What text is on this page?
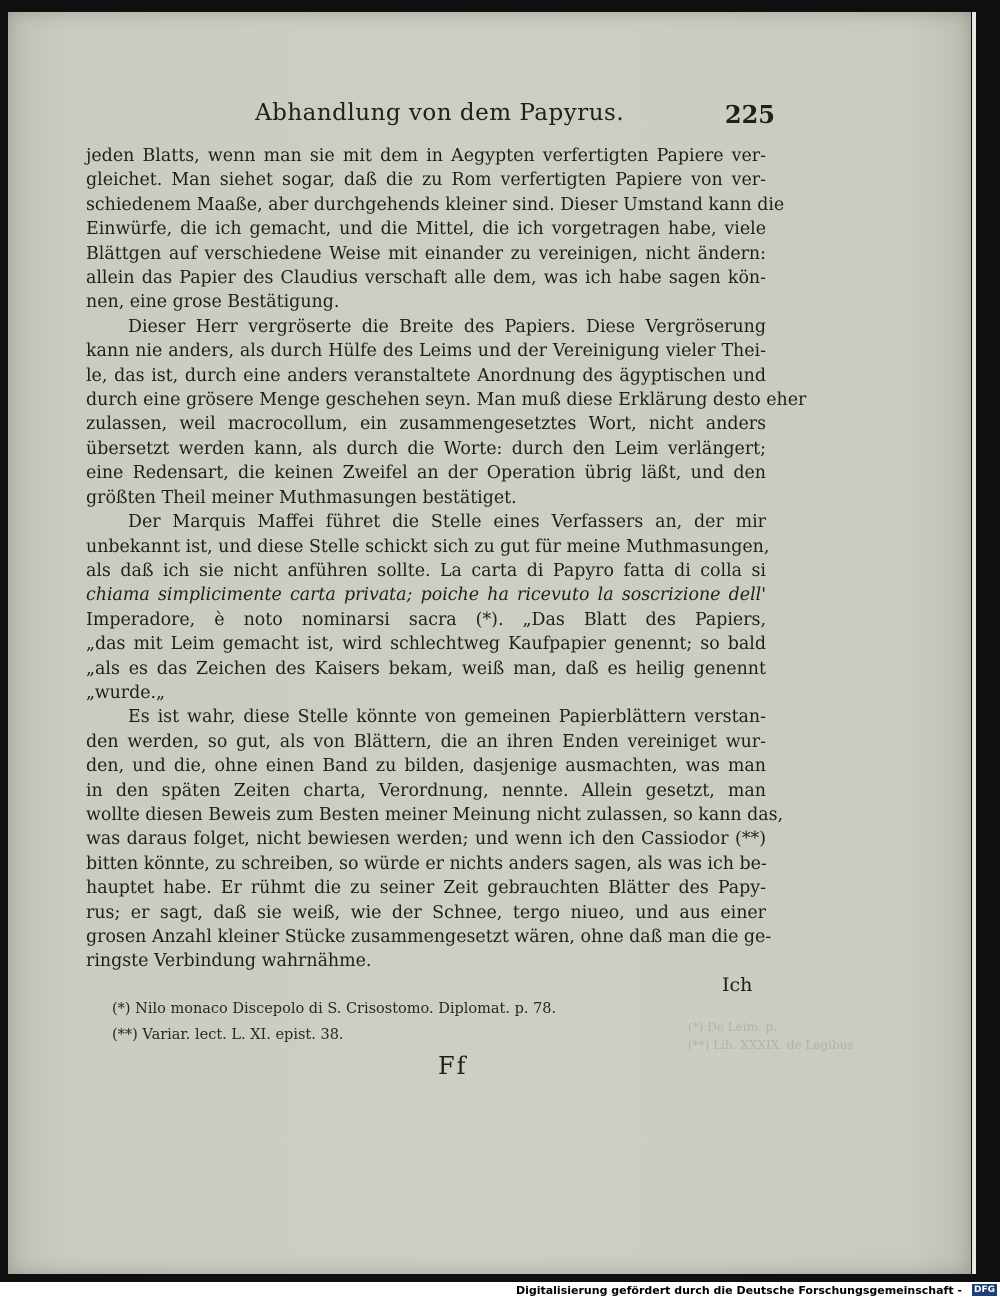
Abhandlung von dem Papyrus.	225

jeden Blatts, wenn man sie mit dem in Aegypten verfertigten Papiere ver-
gleichet. Man siehet sogar, daß die zu Rom verfertigten Papiere von ver-
schiedenem Maaße, aber durchgehends kleiner sind. Dieser Umstand kann die
Einwürfe, die ich gemacht, und die Mittel, die ich vorgetragen habe, viele
Blättgen auf verschiedene Weise mit einander zu vereinigen, nicht ändern:
allein das Papier des Claudius verschaft alle dem, was ich habe sagen kön-
nen, eine grose Bestätigung.

Dieser Herr vergröserte die Breite des Papiers. Diese Vergröserung
kann nie anders, als durch Hülfe des Leims und der Vereinigung vieler Thei-
le, das ist, durch eine anders veranstaltete Anordnung des ägyptischen und
durch eine grösere Menge geschehen seyn. Man muß diese Erklärung desto eher
zulassen, weil macrocollum, ein zusammengesetztes Wort, nicht anders
übersetzt werden kann, als durch die Worte: durch den Leim verlängert;
eine Redensart, die keinen Zweifel an der Operation übrig läßt, und den
größten Theil meiner Muthmasungen bestätiget.

Der Marquis Maffei führet die Stelle eines Verfassers an, der mir
unbekannt ist, und diese Stelle schickt sich zu gut für meine Muthmasungen,
als daß ich sie nicht anführen sollte. La carta di Papyro fatta di colla si
chiama simplicimente carta privata; poiche ha ricevuto la soscrizione dell'
Imperadore, è noto nominarsi sacra (*). „Das Blatt des Papiers,
„das mit Leim gemacht ist, wird schlechtweg Kaufpapier genennt; so bald
„als es das Zeichen des Kaisers bekam, weiß man, daß es heilig genennt
„wurde.„

Es ist wahr, diese Stelle könnte von gemeinen Papierblättern verstan-
den werden, so gut, als von Blättern, die an ihren Enden vereiniget wur-
den, und die, ohne einen Band zu bilden, dasjenige ausmachten, was man
in den späten Zeiten charta, Verordnung, nennte. Allein gesetzt, man
wollte diesen Beweis zum Besten meiner Meinung nicht zulassen, so kann das,
was daraus folget, nicht bewiesen werden; und wenn ich den Cassiodor (**)
bitten könnte, zu schreiben, so würde er nichts anders sagen, als was ich be-
hauptet habe. Er rühmt die zu seiner Zeit gebrauchten Blätter des Papy-
rus; er sagt, daß sie weiß, wie der Schnee, tergo niueo, und aus einer
grosen Anzahl kleiner Stücke zusammengesetzt wären, ohne daß man die ge-
ringste Verbindung wahrnähme.

Ich
(*) De Leim. p.
(**) Lib. XXXIX. de Legibus
(*) Nilo monaco Discepolo di S. Crisostomo. Diplomat. p. 78.
(**) Variar. lect. L. XI. epist. 38.
Ff
Digitalisierung gefördert durch die Deutsche Forschungsgemeinschaft - DFG
